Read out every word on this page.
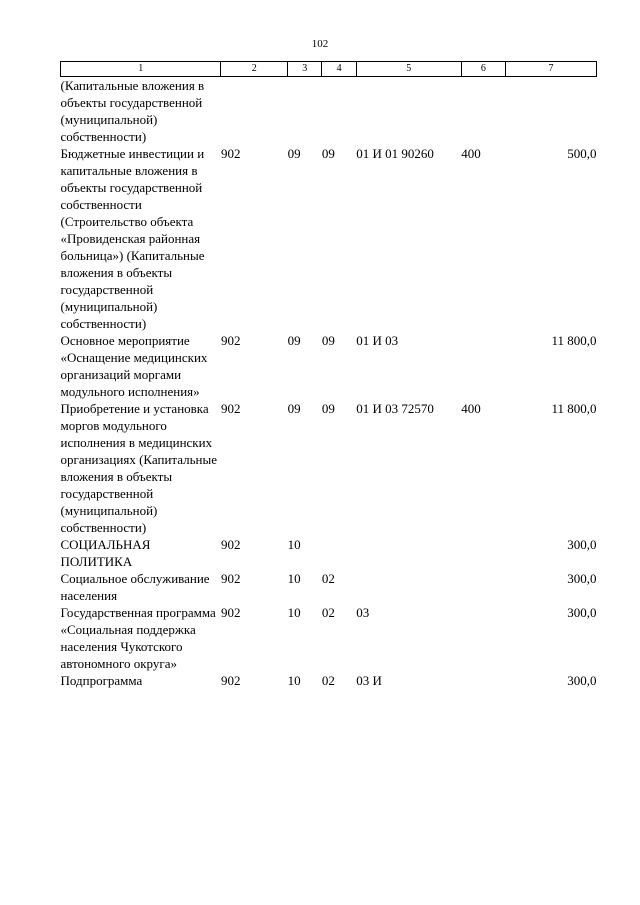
102
1	2	3	4	5	6	7
(Капитальные вложения в объекты государственной (муниципальной) собственности)						
Бюджетные инвестиции и капитальные вложения в объекты государственной собственности (Строительство объекта «Провиденская районная больница») (Капитальные вложения в объекты государственной (муниципальной) собственности)	902	09	09	01 И 01 90260	400	500,0
Основное мероприятие «Оснащение медицинских организаций моргами модульного исполнения»	902	09	09	01 И 03		11 800,0
Приобретение и установка моргов модульного исполнения в медицинских организациях (Капитальные вложения в объекты государственной (муниципальной) собственности)	902	09	09	01 И 03 72570	400	11 800,0
СОЦИАЛЬНАЯ ПОЛИТИКА	902	10				300,0
Социальное обслуживание населения	902	10	02			300,0
Государственная программа «Социальная поддержка населения Чукотского автономного округа»	902	10	02	03		300,0
Подпрограмма	902	10	02	03 И		300,0
